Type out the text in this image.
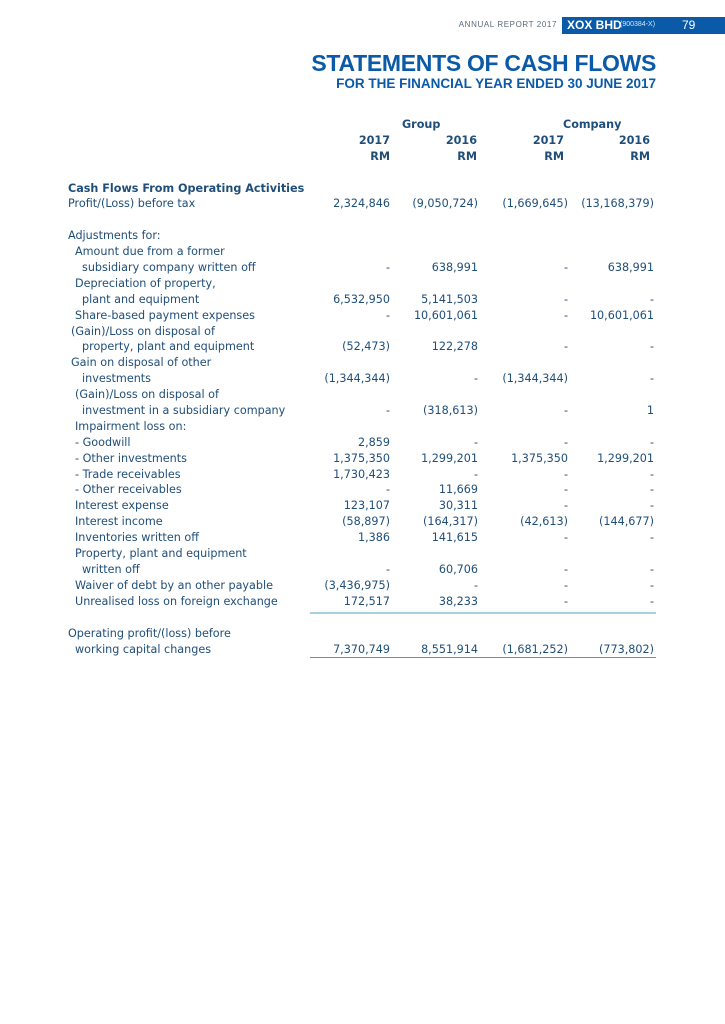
ANNUAL REPORT 2017 XOX BHD
(900384-X) 79
STATEMENTS OF CASH FLOWS
FOR THE FINANCIAL YEAR ENDED 30 JUNE 2017
Group	Company
2017	2016	2017	2016
RM	RM	RM	RM
Cash Flows From Operating Activities
Profit/(Loss) before tax	2,324,846	(9,050,724)	(1,669,645)	(13,168,379)
Adjustments for:
Amount due from a former
subsidiary company written off	-	638,991	-	638,991
Depreciation of property,
plant and equipment	6,532,950	5,141,503	-	-
Share-based payment expenses	-	10,601,061	-	10,601,061
(Gain)/Loss on disposal of
property, plant and equipment	(52,473)	122,278	-	-
Gain on disposal of other
investments	(1,344,344)	-	(1,344,344)	-
(Gain)/Loss on disposal of
investment in a subsidiary company	-	(318,613)	-	1
Impairment loss on:
- Goodwill	2,859	-	-	-
- Other investments	1,375,350	1,299,201	1,375,350	1,299,201
- Trade receivables	1,730,423	-	-	-
- Other receivables	-	11,669	-	-
Interest expense	123,107	30,311	-	-
Interest income	(58,897)	(164,317)	(42,613)	(144,677)
Inventories written off	1,386	141,615	-	-
Property, plant and equipment
written off	-	60,706	-	-
Waiver of debt by an other payable	(3,436,975)	-	-	-
Unrealised loss on foreign exchange	172,517	38,233	-	-
Operating profit/(loss) before
working capital changes	7,370,749	8,551,914	(1,681,252)	(773,802)
